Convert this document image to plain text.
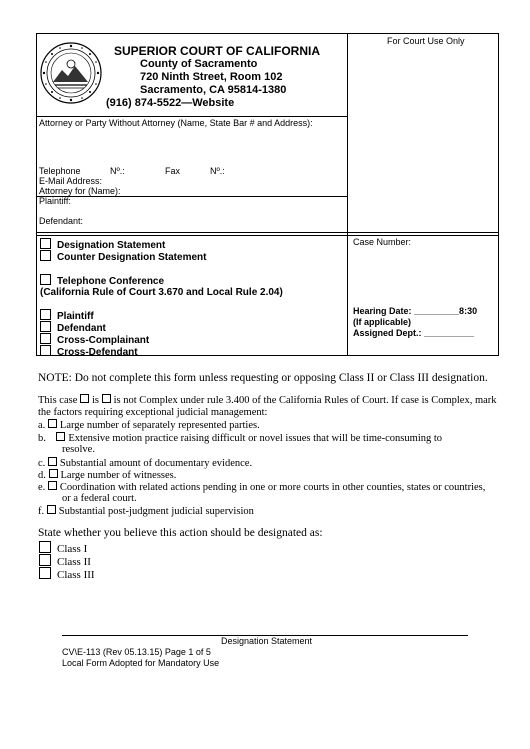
SUPERIOR COURT OF CALIFORNIA
County of Sacramento
720 Ninth Street, Room 102
Sacramento, CA 95814-1380
(916) 874-5522—Website
For Court Use Only
Attorney or Party Without Attorney (Name, State Bar # and Address):
Telephone	Nº.:	Fax	Nº.:
E-Mail Address:
Attorney for (Name):
Plaintiff:
Defendant:
Designation Statement
Counter Designation Statement
Telephone Conference
(California Rule of Court 3.670 and Local Rule 2.04)
Plaintiff
Defendant
Cross-Complainant
Cross-Defendant
Case Number:
Hearing Date: _________8:30
(If applicable)
Assigned Dept.: __________
NOTE: Do not complete this form unless requesting or opposing Class II or Class III designation.
This case is is not Complex under rule 3.400 of the California Rules of Court. If case is Complex, mark
the factors requiring exceptional judicial management:
a. Large number of separately represented parties.
b. Extensive motion practice raising difficult or novel issues that will be time-consuming to
resolve.
c. Substantial amount of documentary evidence.
d. Large number of witnesses.
e. Coordination with related actions pending in one or more courts in other counties, states or countries,
or a federal court.
f. Substantial post-judgment judicial supervision
State whether you believe this action should be designated as:
Class I
Class II
Class III
Designation Statement
CV\E-113 (Rev 05.13.15) Page 1 of 5
Local Form Adopted for Mandatory Use
